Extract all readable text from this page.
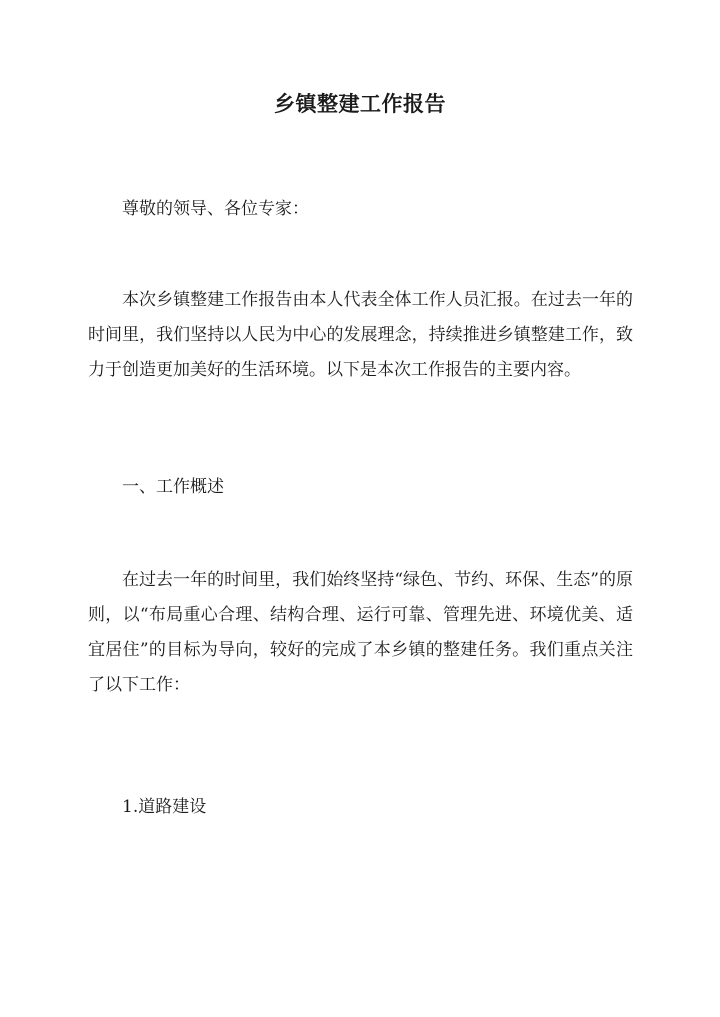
乡镇整建工作报告

尊敬的领导、各位专家：

本次乡镇整建工作报告由本人代表全体工作人员汇报。在过去一年的时间里，我们坚持以人民为中心的发展理念，持续推进乡镇整建工作，致力于创造更加美好的生活环境。以下是本次工作报告的主要内容。

一、工作概述

在过去一年的时间里，我们始终坚持“绿色、节约、环保、生态”的原则，以“布局重心合理、结构合理、运行可靠、管理先进、环境优美、适宜居住”的目标为导向，较好的完成了本乡镇的整建任务。我们重点关注了以下工作：

1.道路建设
